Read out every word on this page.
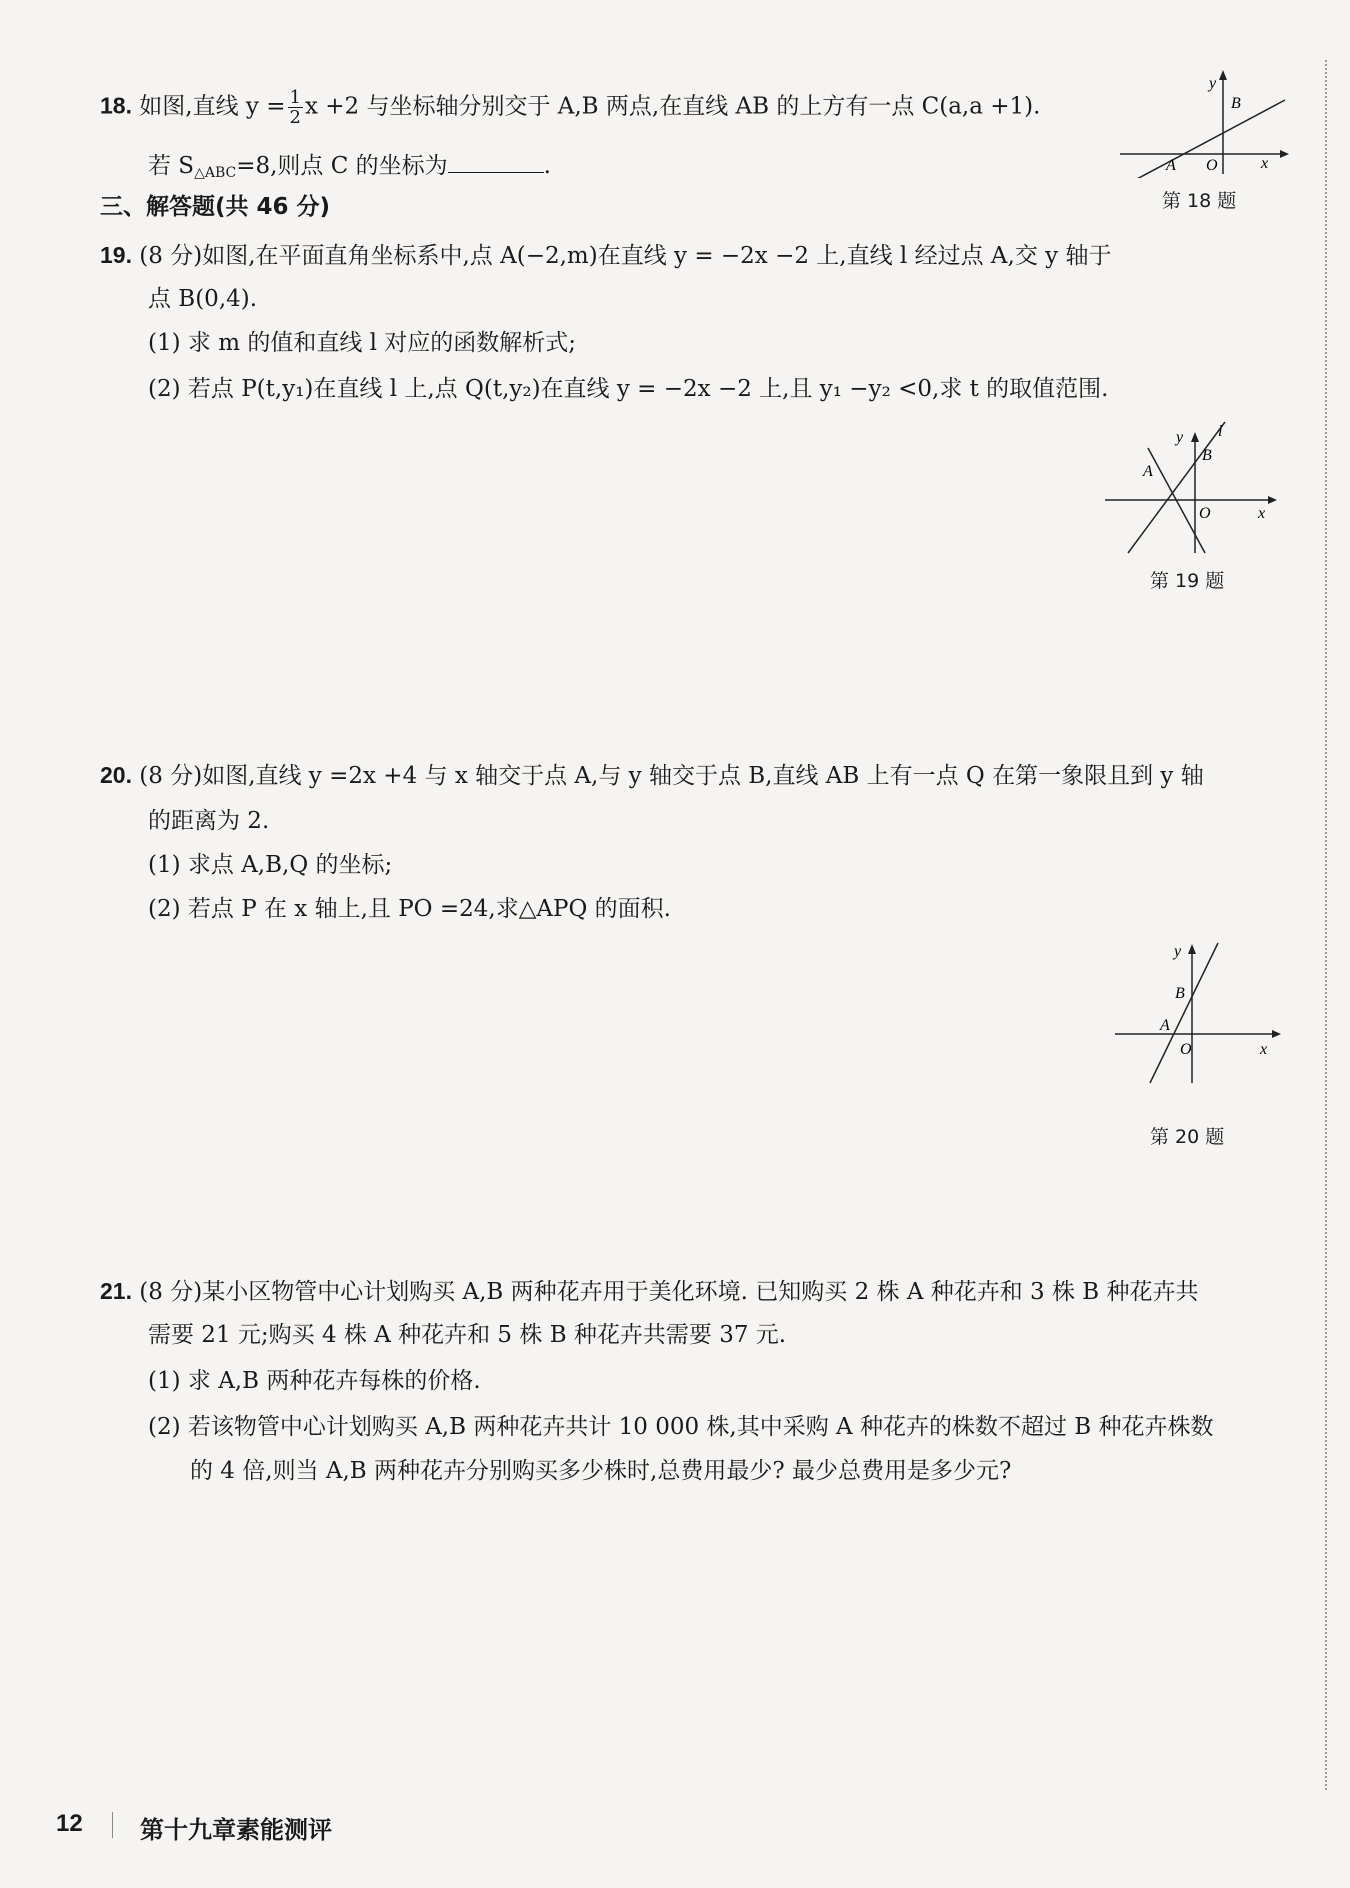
18. 如图,直线 $y = \frac{1}{2}$ x +2 与坐标轴分别交于 A,B 两点,在直线 AB 的上方有一点 C(a,a +1).
若 $S_{\triangle ABC}=8$,则点 C 的坐标为	.
y
x
B
A O
第 18 题
三、解答题(共 46 分)
19. (8 分)如图,在平面直角坐标系中,点 A(−2,m)在直线 y = −2x −2 上,直线 l 经过点 A,交 y 轴于
点 B(0,4).
(1) 求 m 的值和直线 l 对应的函数解析式;
(2) 若点 P(t,y₁)在直线 l 上,点 Q(t,y₂)在直线 y = −2x −2 上,且 y₁ −y₂ <0,求 t 的取值范围.
y l
B
A
O	x
第 19 题
20. (8 分)如图,直线 y =2x +4 与 x 轴交于点 A,与 y 轴交于点 B,直线 AB 上有一点 Q 在第一象限且到 y 轴
的距离为 2.
(1) 求点 A,B,Q 的坐标;
(2) 若点 P 在 x 轴上,且 PO =24,求△APQ 的面积.
y
B
A
O	x
第 20 题
21. (8 分)某小区物管中心计划购买 A,B 两种花卉用于美化环境. 已知购买 2 株 A 种花卉和 3 株 B 种花卉共
需要 21 元;购买 4 株 A 种花卉和 5 株 B 种花卉共需要 37 元.
(1) 求 A,B 两种花卉每株的价格.
(2) 若该物管中心计划购买 A,B 两种花卉共计 10 000 株,其中采购 A 种花卉的株数不超过 B 种花卉株数
的 4 倍,则当 A,B 两种花卉分别购买多少株时,总费用最少? 最少总费用是多少元?
12 第十九章素能测评
